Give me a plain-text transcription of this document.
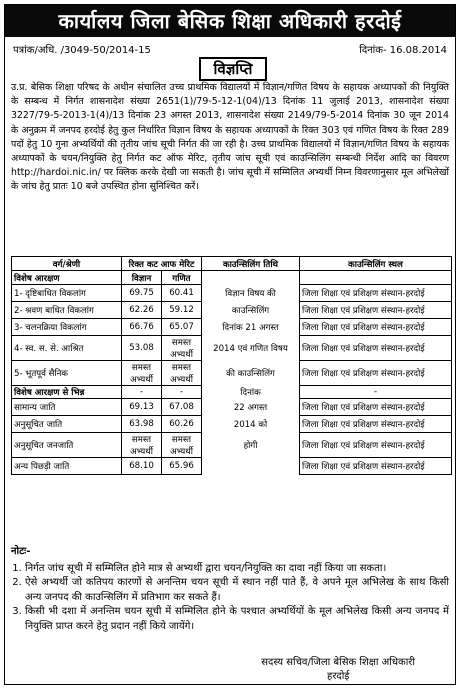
कार्यालय जिला बेसिक शिक्षा अधिकारी हरदोई
पत्रांक/अधि. /3049-50/2014-15	दिनांक- 16.08.2014
विज्ञप्ति
उ.प्र. बेसिक शिक्षा परिषद के अधीन संचालित उच्च प्राथमिक विद्यालयों में विज्ञान/गणित विषय के सहायक अध्यापकों की नियुक्ति के सम्बन्ध में निर्गत शासनादेश संख्या 2651(1)/79-5-12-1(04)/13 दिनांक 11 जुलाई 2013, शासनादेश संख्या 3227/79-5-2013-1(4)/13 दिनांक 23 अगस्त 2013, शासनादेश संख्या 2149/79-5-2014 दिनांक 30 जून 2014 के अनुक्रम में जनपद हरदोई हेतु कुल निर्धारित विज्ञान विषय के सहायक अध्यापकों के रिक्त 303 एवं गणित विषय के रिक्त 289 पदों हेतु 10 गुना अभ्यर्थियों की तृतीय जांच सूची निर्गत की जा रही है। उच्च प्राथमिक विद्यालयों में विज्ञान/गणित विषय के सहायक अध्यापकों के चयन/नियुक्ति हेतु निर्गत कट ऑफ मेरिट, तृतीय जांच सूची एवं काउन्सिलिंग सम्बन्धी निर्देश आदि का विवरण http://hardoi.nic.in/ पर क्लिक करके देखी जा सकती है। जांच सूची में सम्मिलित अभ्यर्थी निम्न विवरणानुसार मूल अभिलेखों के जांच हेतु प्रातः 10 बजे उपस्थित होना सुनिश्चित करें।
वर्ग/श्रेणी	रिक्त कट आफ मेरिट		काउन्सिलिंग तिथि	काउन्सिलिंग स्थल
विशेष आरक्षण	विज्ञान	गणित		
1- दृष्टिबाधित विकलांग	69.75	60.41	विज्ञान विषय की	जिला शिक्षा एवं प्रशिक्षण संस्थान-हरदोई
2- श्रवण बाधित विकलांग	62.26	59.12	काउन्सिलिंग	जिला शिक्षा एवं प्रशिक्षण संस्थान-हरदोई
3- चलनक्रिया विकलांग	66.76	65.07	दिनांक 21 अगस्त	जिला शिक्षा एवं प्रशिक्षण संस्थान-हरदोई
4- स्व. स. से. आश्रित	53.08	समस्त अभ्यर्थी	2014 एवं गणित विषय	जिला शिक्षा एवं प्रशिक्षण संस्थान-हरदोई
5- भूतपूर्व सैनिक	समस्त अभ्यर्थी	समस्त अभ्यर्थी	की काउन्सिलिंग	जिला शिक्षा एवं प्रशिक्षण संस्थान-हरदोई
विशेष आरक्षण से भिन्न	-	-	दिनांक	-
सामान्य जाति	69.13	67.08	22 अगस्त	जिला शिक्षा एवं प्रशिक्षण संस्थान-हरदोई
अनुसूचित जाति	63.98	60.26	2014 को	जिला शिक्षा एवं प्रशिक्षण संस्थान-हरदोई
अनुसूचित जनजाति	समस्त अभ्यर्थी	समस्त अभ्यर्थी	होगी	जिला शिक्षा एवं प्रशिक्षण संस्थान-हरदोई
अन्य पिछड़ी जाति	68.10	65.96		जिला शिक्षा एवं प्रशिक्षण संस्थान-हरदोई
नोटः-
1. निर्गत जांच सूची में सम्मिलित होने मात्र से अभ्यर्थी द्वारा चयन/नियुक्ति का दावा नहीं किया जा सकता।
2. ऐसे अभ्यर्थी जो कतिपय कारणों से अनन्तिम चयन सूची में स्थान नहीं पाते हैं, वे अपने मूल अभिलेख के साथ किसी अन्य जनपद की काउन्सिलिंग में प्रतिभाग कर सकते हैं।
3. किसी भी दशा में अनन्तिम चयन सूची में सम्मिलित होने के पश्चात अभ्यर्थियों के मूल अभिलेख किसी अन्य जनपद में नियुक्ति प्राप्त करने हेतु प्रदान नहीं किये जायेंगे।
सदस्य सचिव/जिला बेसिक शिक्षा अधिकारी
हरदोई
